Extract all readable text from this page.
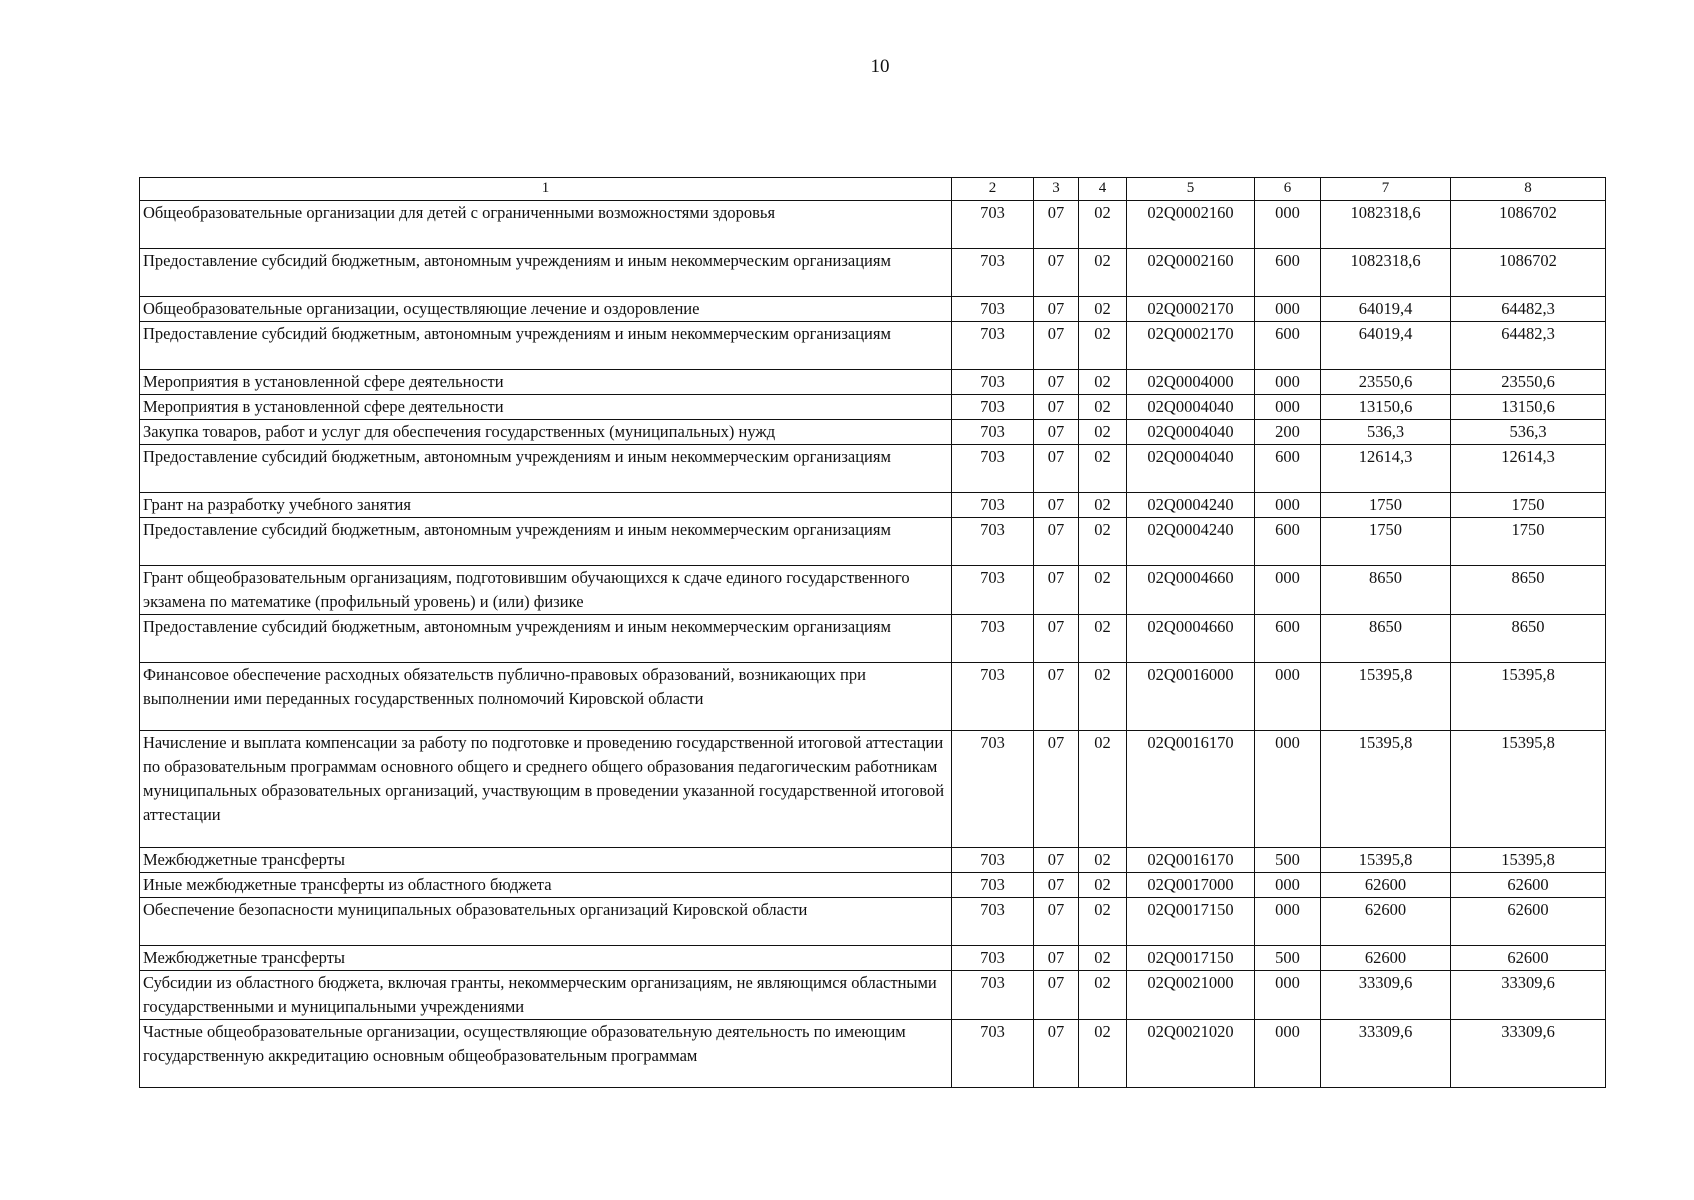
10
1	2	3	4	5	6	7	8
Общеобразовательные организации для детей с ограниченными возможностями здоровья	703	07	02	02Q0002160	000	1082318,6	1086702
Предоставление субсидий бюджетным, автономным учреждениям и иным некоммерческим организациям	703	07	02	02Q0002160	600	1082318,6	1086702
Общеобразовательные организации, осуществляющие лечение и оздоровление	703	07	02	02Q0002170	000	64019,4	64482,3
Предоставление субсидий бюджетным, автономным учреждениям и иным некоммерческим организациям	703	07	02	02Q0002170	600	64019,4	64482,3
Мероприятия в установленной сфере деятельности	703	07	02	02Q0004000	000	23550,6	23550,6
Мероприятия в установленной сфере деятельности	703	07	02	02Q0004040	000	13150,6	13150,6
Закупка товаров, работ и услуг для обеспечения государственных (муниципальных) нужд	703	07	02	02Q0004040	200	536,3	536,3
Предоставление субсидий бюджетным, автономным учреждениям и иным некоммерческим организациям	703	07	02	02Q0004040	600	12614,3	12614,3
Грант на разработку учебного занятия	703	07	02	02Q0004240	000	1750	1750
Предоставление субсидий бюджетным, автономным учреждениям и иным некоммерческим организациям	703	07	02	02Q0004240	600	1750	1750
Грант общеобразовательным организациям, подготовившим обучающихся к сдаче единого государственного экзамена по математике (профильный уровень) и (или) физике	703	07	02	02Q0004660	000	8650	8650
Предоставление субсидий бюджетным, автономным учреждениям и иным некоммерческим организациям	703	07	02	02Q0004660	600	8650	8650
Финансовое обеспечение расходных обязательств публично-правовых образований, возникающих при выполнении ими переданных государственных полномочий Кировской области	703	07	02	02Q0016000	000	15395,8	15395,8
Начисление и выплата компенсации за работу по подготовке и проведению государственной итоговой аттестации по образовательным программам основного общего и среднего общего образования педагогическим работникам муниципальных образовательных организаций, участвующим в проведении указанной государственной итоговой аттестации	703	07	02	02Q0016170	000	15395,8	15395,8
Межбюджетные трансферты	703	07	02	02Q0016170	500	15395,8	15395,8
Иные межбюджетные трансферты из областного бюджета	703	07	02	02Q0017000	000	62600	62600
Обеспечение безопасности муниципальных образовательных организаций Кировской области	703	07	02	02Q0017150	000	62600	62600
Межбюджетные трансферты	703	07	02	02Q0017150	500	62600	62600
Субсидии из областного бюджета, включая гранты, некоммерческим организациям, не являющимся областными государственными и муниципальными учреждениями	703	07	02	02Q0021000	000	33309,6	33309,6
Частные общеобразовательные организации, осуществляющие образовательную деятельность по имеющим государственную аккредитацию основным общеобразовательным программам	703	07	02	02Q0021020	000	33309,6	33309,6
